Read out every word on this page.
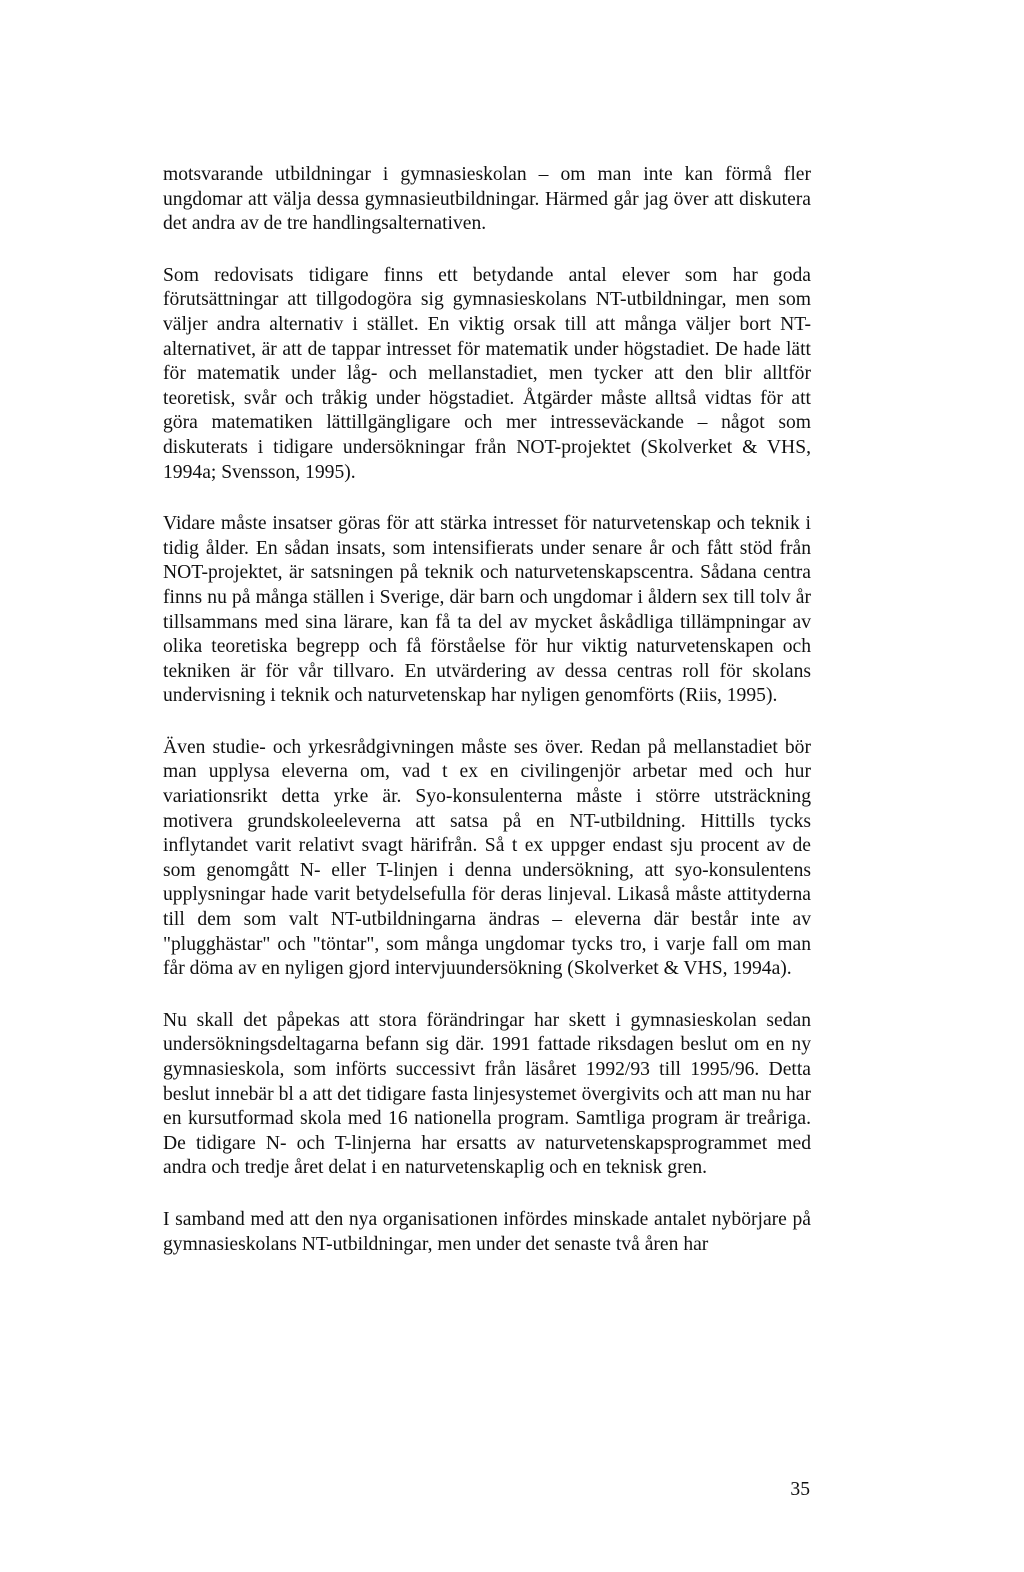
motsvarande utbildningar i gymnasieskolan – om man inte kan förmå fler ungdomar att välja dessa gymnasieutbildningar. Härmed går jag över att diskutera det andra av de tre handlingsalternativen.

Som redovisats tidigare finns ett betydande antal elever som har goda förutsättningar att tillgodogöra sig gymnasieskolans NT-utbildningar, men som väljer andra alternativ i stället. En viktig orsak till att många väljer bort NT-alternativet, är att de tappar intresset för matematik under högstadiet. De hade lätt för matematik under låg- och mellanstadiet, men tycker att den blir alltför teoretisk, svår och tråkig under högstadiet. Åtgärder måste alltså vidtas för att göra matematiken lättillgängligare och mer intresseväckande – något som diskuterats i tidigare undersökningar från NOT-projektet (Skolverket & VHS, 1994a; Svensson, 1995).

Vidare måste insatser göras för att stärka intresset för naturvetenskap och teknik i tidig ålder. En sådan insats, som intensifierats under senare år och fått stöd från NOT-projektet, är satsningen på teknik och naturvetenskapscentra. Sådana centra finns nu på många ställen i Sverige, där barn och ungdomar i åldern sex till tolv år tillsammans med sina lärare, kan få ta del av mycket åskådliga tillämpningar av olika teoretiska begrepp och få förståelse för hur viktig naturvetenskapen och tekniken är för vår tillvaro. En utvärdering av dessa centras roll för skolans undervisning i teknik och naturvetenskap har nyligen genomförts (Riis, 1995).

Även studie- och yrkesrådgivningen måste ses över. Redan på mellanstadiet bör man upplysa eleverna om, vad t ex en civilingenjör arbetar med och hur variationsrikt detta yrke är. Syo-konsulenterna måste i större utsträckning motivera grundskoleeleverna att satsa på en NT-utbildning. Hittills tycks inflytandet varit relativt svagt härifrån. Så t ex uppger endast sju procent av de som genomgått N- eller T-linjen i denna undersökning, att syo-konsulentens upplysningar hade varit betydelsefulla för deras linjeval. Likaså måste attityderna till dem som valt NT-utbildningarna ändras – eleverna där består inte av "plugghästar" och "töntar", som många ungdomar tycks tro, i varje fall om man får döma av en nyligen gjord intervjuundersökning (Skolverket & VHS, 1994a).

Nu skall det påpekas att stora förändringar har skett i gymnasieskolan sedan undersökningsdeltagarna befann sig där. 1991 fattade riksdagen beslut om en ny gymnasieskola, som införts successivt från läsåret 1992/93 till 1995/96. Detta beslut innebär bl a att det tidigare fasta linjesystemet övergivits och att man nu har en kursutformad skola med 16 nationella program. Samtliga program är treåriga. De tidigare N- och T-linjerna har ersatts av naturvetenskapsprogrammet med andra och tredje året delat i en naturvetenskaplig och en teknisk gren.

I samband med att den nya organisationen infördes minskade antalet nybörjare på gymnasieskolans NT-utbildningar, men under det senaste två åren har

35
